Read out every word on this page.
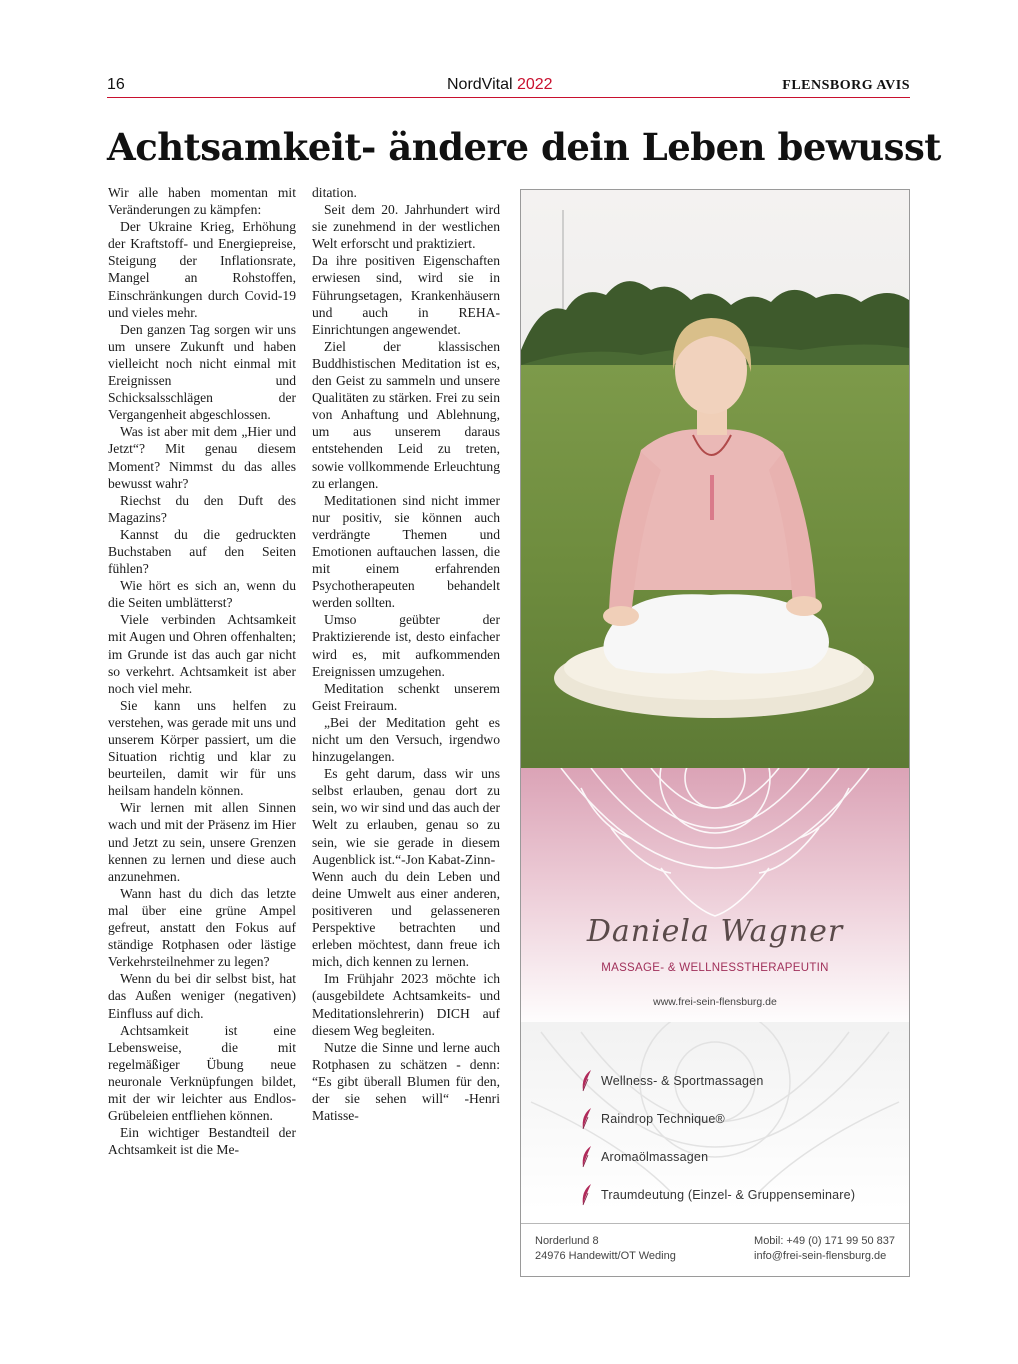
16	NordVital 2022	FLENSBORG AVIS
Achtsamkeit- ändere dein Leben bewusst

Wir alle haben momentan mit Veränderungen zu kämpfen:

Der Ukraine Krieg, Erhöhung der Kraftstoff- und Energiepreise, Steigung der Inflationsrate, Mangel an Rohstoffen, Einschränkungen durch Covid-19 und vieles mehr.

Den ganzen Tag sorgen wir uns um unsere Zukunft und haben vielleicht noch nicht einmal mit Ereignissen und Schicksalsschlägen der Vergangenheit abgeschlossen.

Was ist aber mit dem „Hier und Jetzt“? Mit genau diesem Moment? Nimmst du das alles bewusst wahr?

Riechst du den Duft des Magazins?

Kannst du die gedruckten Buchstaben auf den Seiten fühlen?

Wie hört es sich an, wenn du die Seiten umblätterst?

Viele verbinden Achtsamkeit mit Augen und Ohren offenhalten; im Grunde ist das auch gar nicht so verkehrt. Achtsamkeit ist aber noch viel mehr.

Sie kann uns helfen zu verstehen, was gerade mit uns und unserem Körper passiert, um die Situation richtig und klar zu beurteilen, damit wir für uns heilsam handeln können.

Wir lernen mit allen Sinnen wach und mit der Präsenz im Hier und Jetzt zu sein, unsere Grenzen kennen zu lernen und diese auch anzunehmen.

Wann hast du dich das letzte mal über eine grüne Ampel gefreut, anstatt den Fokus auf ständige Rotphasen oder lästige Verkehrsteilnehmer zu legen?

Wenn du bei dir selbst bist, hat das Außen weniger (negativen) Einfluss auf dich.

Achtsamkeit ist eine Lebensweise, die mit regelmäßiger Übung neue neuronale Verknüpfungen bildet, mit der wir leichter aus Endlos-Grübeleien entfliehen können.

Ein wichtiger Bestandteil der Achtsamkeit ist die Me-

ditation.

Seit dem 20. Jahrhundert wird sie zunehmend in der westlichen Welt erforscht und praktiziert.

Da ihre positiven Eigenschaften erwiesen sind, wird sie in Führungsetagen, Krankenhäusern und auch in REHA- Einrichtungen angewendet.

Ziel der klassischen Buddhistischen Meditation ist es, den Geist zu sammeln und unsere Qualitäten zu stärken. Frei zu sein von Anhaftung und Ablehnung, um aus unserem daraus entstehenden Leid zu treten, sowie vollkommende Erleuchtung zu erlangen.

Meditationen sind nicht immer nur positiv, sie können auch verdrängte Themen und Emotionen auftauchen lassen, die mit einem erfahrenden Psychotherapeuten behandelt werden sollten.

Umso geübter der Praktizierende ist, desto einfacher wird es, mit aufkommenden Ereignissen umzugehen.

Meditation schenkt unserem Geist Freiraum.

„Bei der Meditation geht es nicht um den Versuch, irgendwo hinzugelangen.

Es geht darum, dass wir uns selbst erlauben, genau dort zu sein, wo wir sind und das auch der Welt zu erlauben, genau so zu sein, wie sie gerade in diesem Augenblick ist.“-Jon Kabat-Zinn-

Wenn auch du dein Leben und deine Umwelt aus einer anderen, positiveren und gelasseneren Perspektive betrachten und erleben möchtest, dann freue ich mich, dich kennen zu lernen.

Im Frühjahr 2023 möchte ich (ausgebildete Achtsamkeits- und Meditationslehrerin) DICH auf diesem Weg begleiten.

Nutze die Sinne und lerne auch Rotphasen zu schätzen - denn: “Es gibt überall Blumen für den, der sie sehen will“ -Henri Matisse-

Daniela Wagner
MASSAGE- & WELLNESSTHERAPEUTIN
www.frei-sein-flensburg.de
Wellness- & Sportmassagen
Raindrop Technique®
Aromaölmassagen
Traumdeutung (Einzel- & Gruppenseminare)
Norderlund 8
24976 Handewitt/OT Weding
Mobil: +49 (0) 171 99 50 837
info@frei-sein-flensburg.de
